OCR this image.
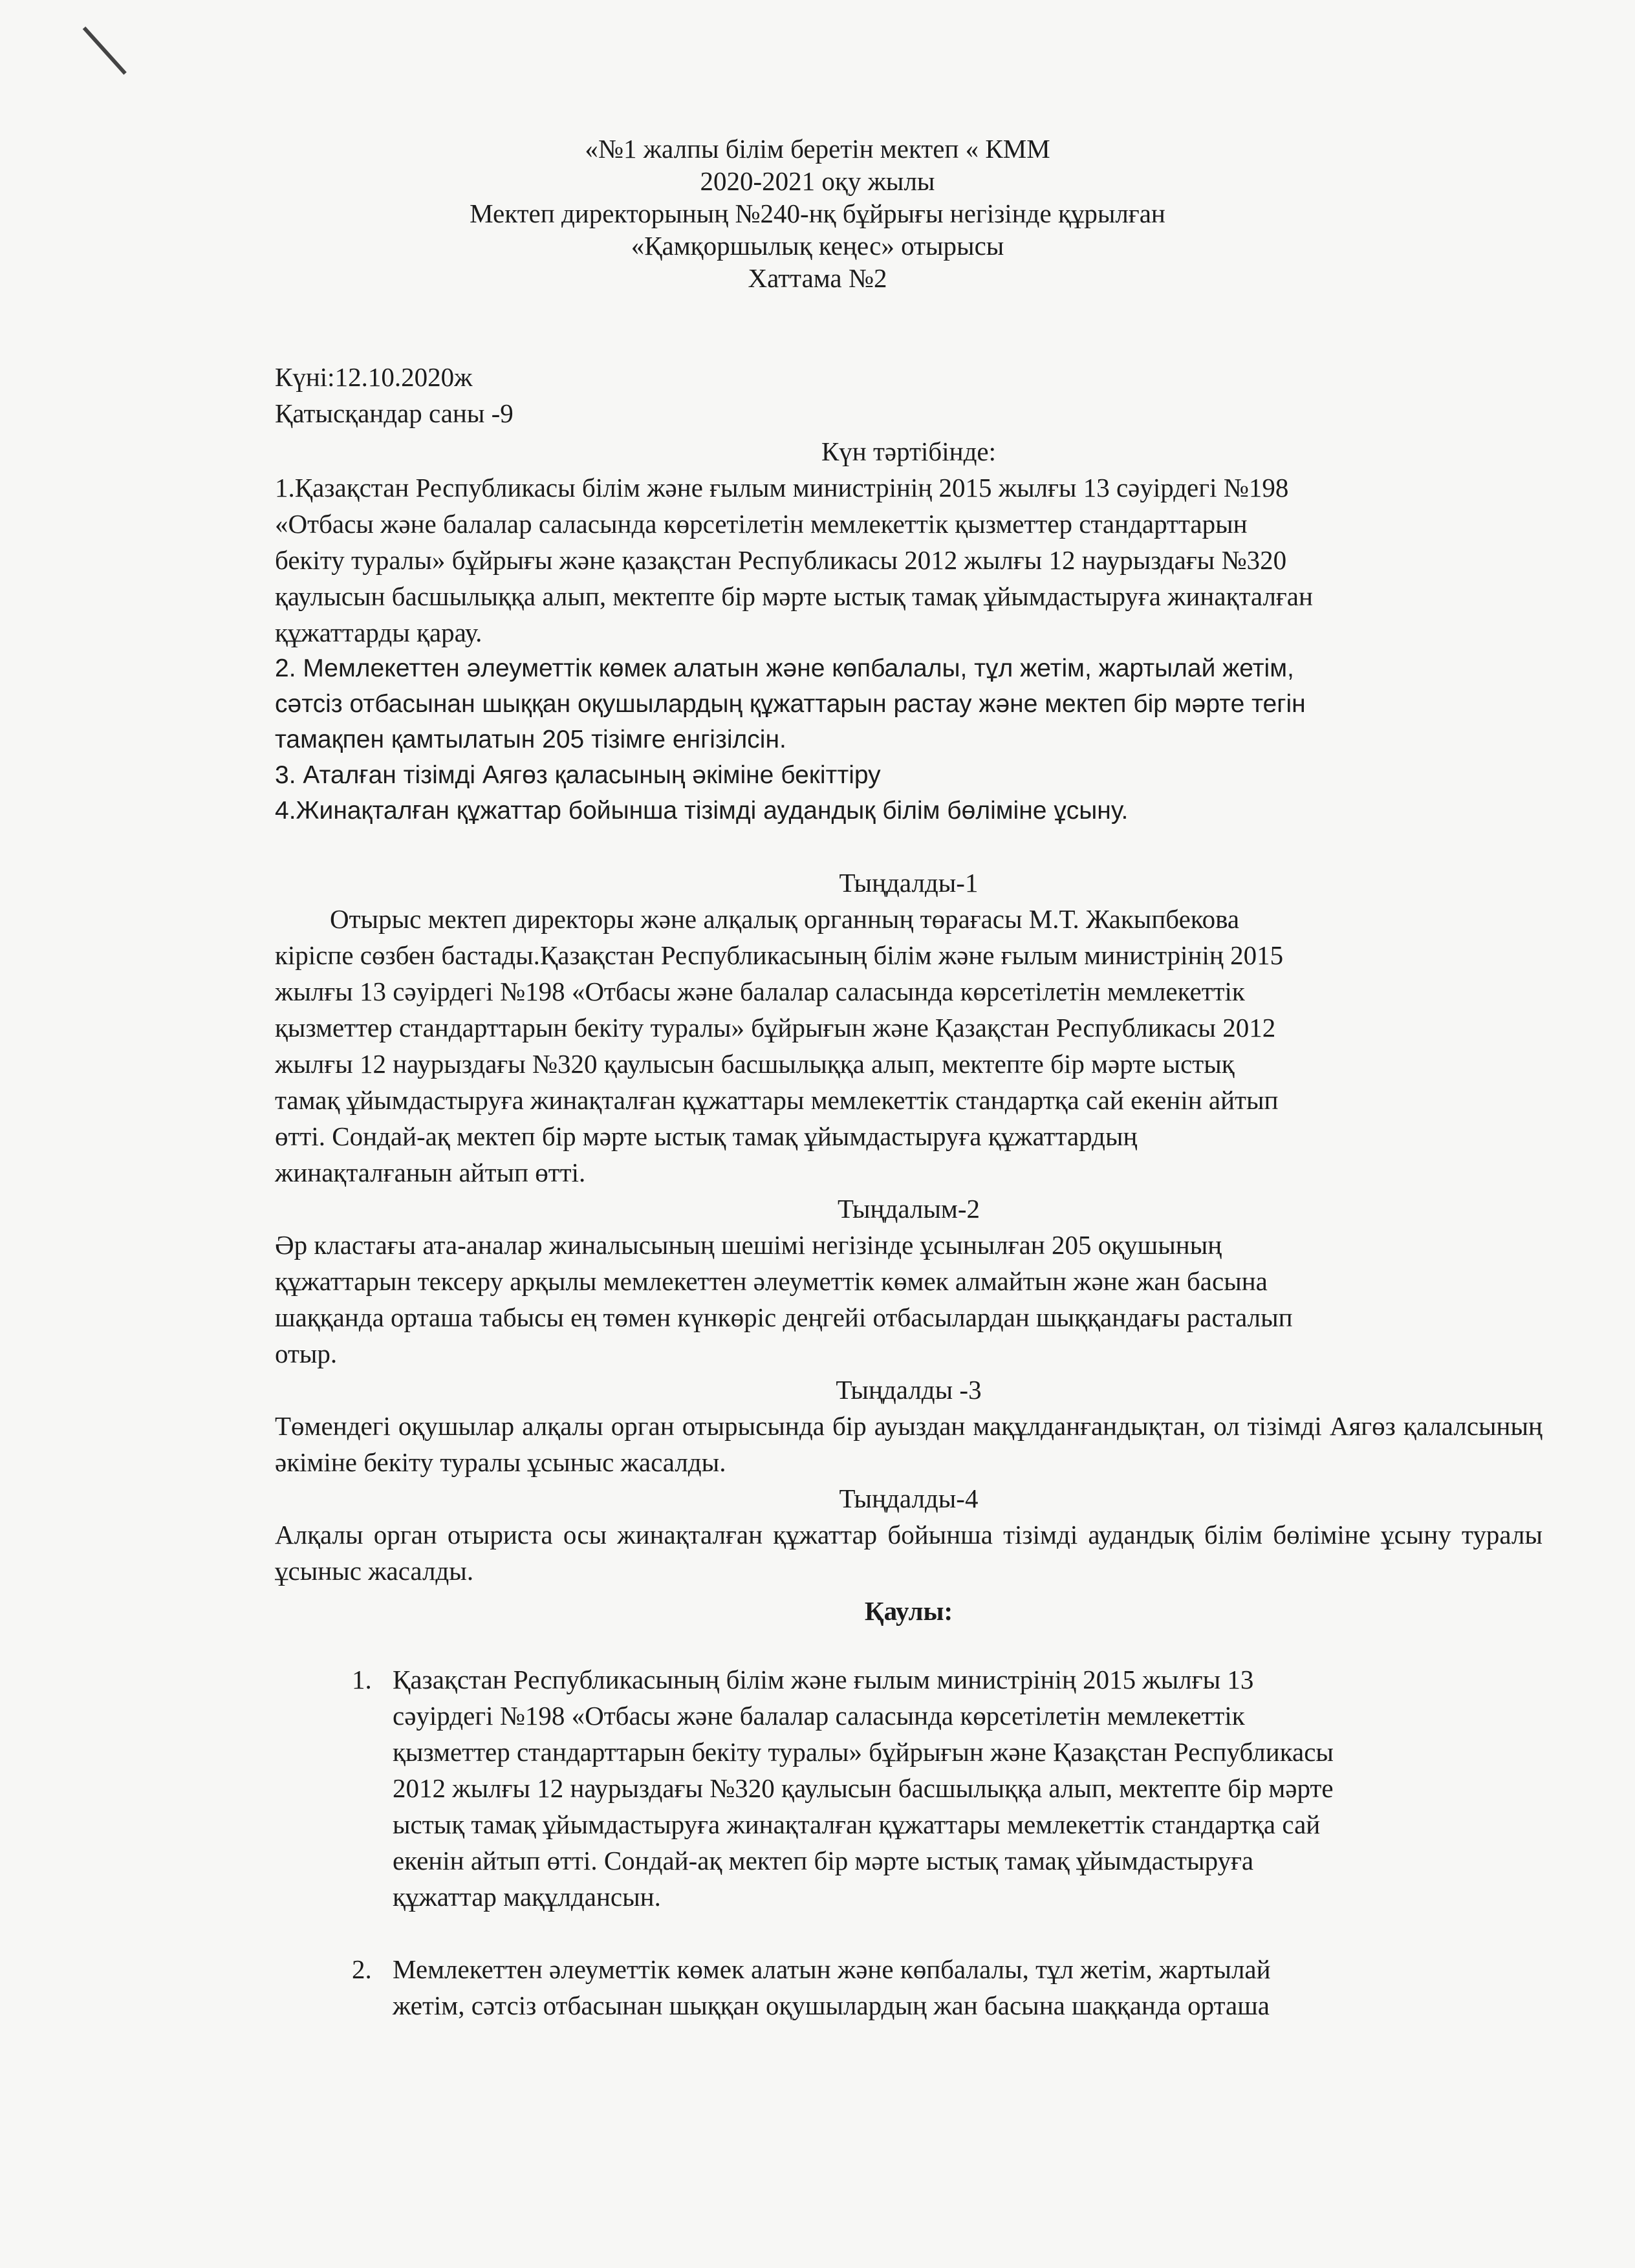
«№1 жалпы білім беретін мектеп « КММ
2020-2021 оқу жылы
Мектеп директорының №240-нқ бұйрығы негізінде құрылған
«Қамқоршылық кеңес» отырысы
Хаттама №2
Күні:12.10.2020ж
Қатысқандар саны -9
Күн тәртібінде:
1.Қазақстан Республикасы білім және ғылым министрінің 2015 жылғы 13 сәуірдегі №198
«Отбасы және балалар саласында көрсетілетін мемлекеттік қызметтер стандарттарын
бекіту туралы» бұйрығы және қазақстан Республикасы 2012 жылғы 12 наурыздағы №320
қаулысын басшылыққа алып, мектепте бір мәрте ыстық тамақ ұйымдастыруға жинақталған
құжаттарды қарау.
2. Мемлекеттен әлеуметтік көмек алатын және көпбалалы, тұл жетім, жартылай жетім,
сәтсіз отбасынан шыққан оқушылардың құжаттарын растау және мектеп бір мәрте тегін
тамақпен қамтылатын 205 тізімге енгізілсін.
3. Аталған тізімді Аягөз қаласының әкіміне бекіттіру
4.Жинақталған құжаттар бойынша тізімді аудандық білім бөліміне ұсыну.
Тыңдалды-1
Отырыс мектеп директоры және алқалық органның төрағасы М.Т. Жакыпбекова
кіріспе сөзбен бастады.Қазақстан Республикасының білім және ғылым министрінің 2015
жылғы 13 сәуірдегі №198 «Отбасы және балалар саласында көрсетілетін мемлекеттік
қызметтер стандарттарын бекіту туралы» бұйрығын және Қазақстан Республикасы 2012
жылғы 12 наурыздағы №320 қаулысын басшылыққа алып, мектепте бір мәрте ыстық
тамақ ұйымдастыруға жинақталған құжаттары мемлекеттік стандартқа сай екенін айтып
өтті. Сондай-ақ мектеп бір мәрте ыстық тамақ ұйымдастыруға құжаттардың
жинақталғанын айтып өтті.
Тыңдалым-2
Әр кластағы ата-аналар жиналысының шешімі негізінде ұсынылған 205 оқушының
құжаттарын тексеру арқылы мемлекеттен әлеуметтік көмек алмайтын және жан басына
шаққанда орташа табысы ең төмен күнкөріс деңгейі отбасылардан шыққандағы расталып
отыр.
Тыңдалды -3
Төмендегі оқушылар алқалы орган отырысында бір ауыздан мақұлданғандықтан, ол тізімді Аягөз қалалсының әкіміне бекіту туралы ұсыныс жасалды.
Тыңдалды-4
Алқалы орган отыриста осы жинақталған құжаттар бойынша тізімді аудандық білім бөліміне ұсыну туралы ұсыныс жасалды.
Қаулы:
1. Қазақстан Республикасының білім және ғылым министрінің 2015 жылғы 13
сәуірдегі №198 «Отбасы және балалар саласында көрсетілетін мемлекеттік
қызметтер стандарттарын бекіту туралы» бұйрығын және Қазақстан Республикасы
2012 жылғы 12 наурыздағы №320 қаулысын басшылыққа алып, мектепте бір мәрте
ыстық тамақ ұйымдастыруға жинақталған құжаттары мемлекеттік стандартқа сай
екенін айтып өтті. Сондай-ақ мектеп бір мәрте ыстық тамақ ұйымдастыруға
құжаттар мақұлдансын.
2. Мемлекеттен әлеуметтік көмек алатын және көпбалалы, тұл жетім, жартылай
жетім, сәтсіз отбасынан шыққан оқушылардың жан басына шаққанда орташа
